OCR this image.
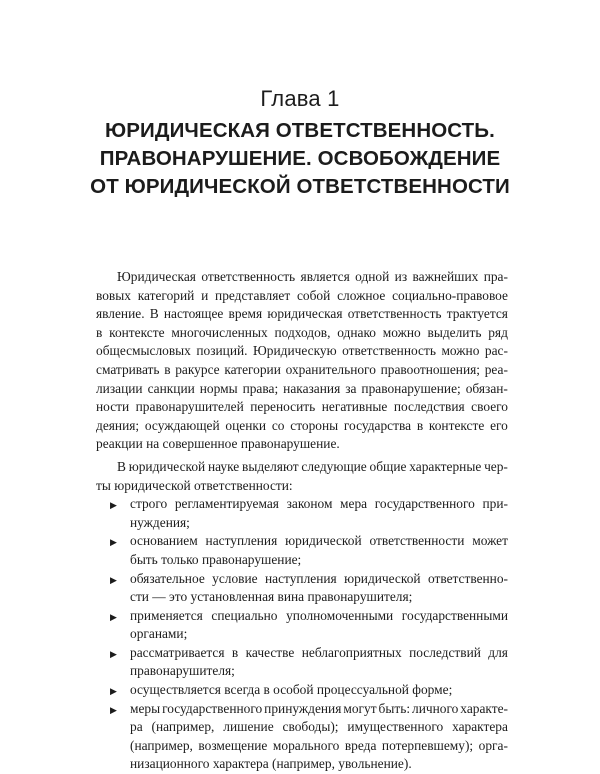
Глава 1
ЮРИДИЧЕСКАЯ ОТВЕТСТВЕННОСТЬ.
ПРАВОНАРУШЕНИЕ. ОСВОБОЖДЕНИЕ
ОТ ЮРИДИЧЕСКОЙ ОТВЕТСТВЕННОСТИ
Юридическая ответственность является одной из важнейших пра-
вовых категорий и представляет собой сложное социально-правовое
явление. В настоящее время юридическая ответственность трактуется
в контексте многочисленных подходов, однако можно выделить ряд
общесмысловых позиций. Юридическую ответственность можно рас-
сматривать в ракурсе категории охранительного правоотношения; реа-
лизации санкции нормы права; наказания за правонарушение; обязан-
ности правонарушителей переносить негативные последствия своего
деяния; осуждающей оценки со стороны государства в контексте его
реакции на совершенное правонарушение.
В юридической науке выделяют следующие общие характерные чер-
ты юридической ответственности:
▶ строго регламентируемая законом мера государственного при-
нуждения;
▶ основанием наступления юридической ответственности может
быть только правонарушение;
▶ обязательное условие наступления юридической ответственно-
сти — это установленная вина правонарушителя;
▶ применяется специально уполномоченными государственными
органами;
▶ рассматривается в качестве неблагоприятных последствий для
правонарушителя;
▶ осуществляется всегда в особой процессуальной форме;
▶ меры государственного принуждения могут быть: личного характе-
ра (например, лишение свободы); имущественного характера
(например, возмещение морального вреда потерпевшему); орга-
низационного характера (например, увольнение).
